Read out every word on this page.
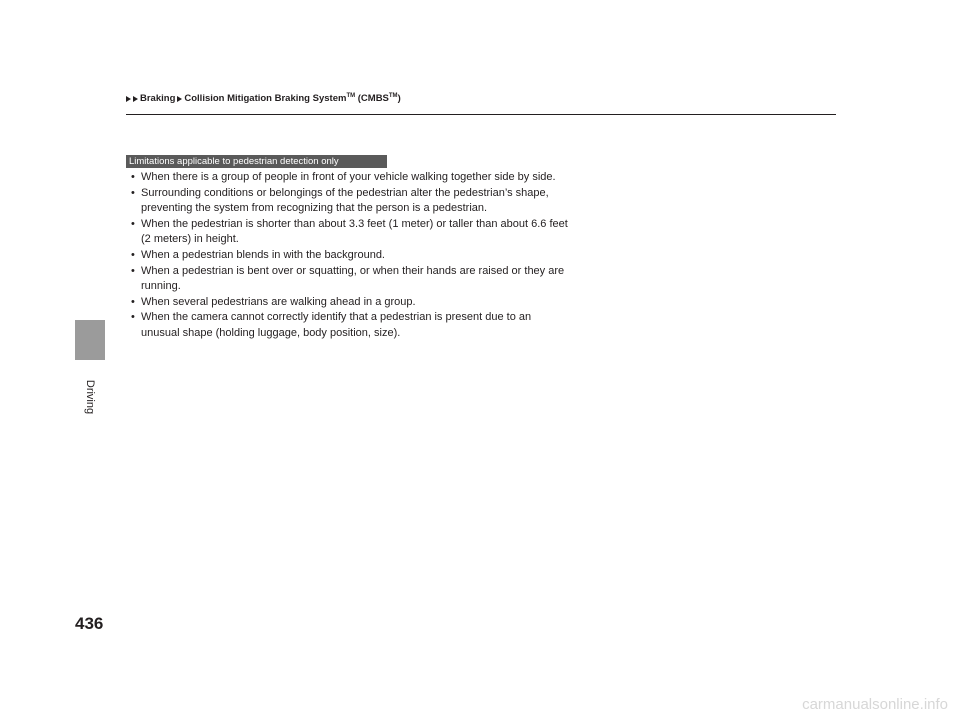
Braking Collision Mitigation Braking System™ (CMBS™)
Driving
Limitations applicable to pedestrian detection only
• When there is a group of people in front of your vehicle walking together side by side.
• Surrounding conditions or belongings of the pedestrian alter the pedestrian’s shape, preventing the system from recognizing that the person is a pedestrian.
• When the pedestrian is shorter than about 3.3 feet (1 meter) or taller than about 6.6 feet (2 meters) in height.
• When a pedestrian blends in with the background.
• When a pedestrian is bent over or squatting, or when their hands are raised or they are running.
• When several pedestrians are walking ahead in a group.
• When the camera cannot correctly identify that a pedestrian is present due to an unusual shape (holding luggage, body position, size).
436
carmanualsonline.info
